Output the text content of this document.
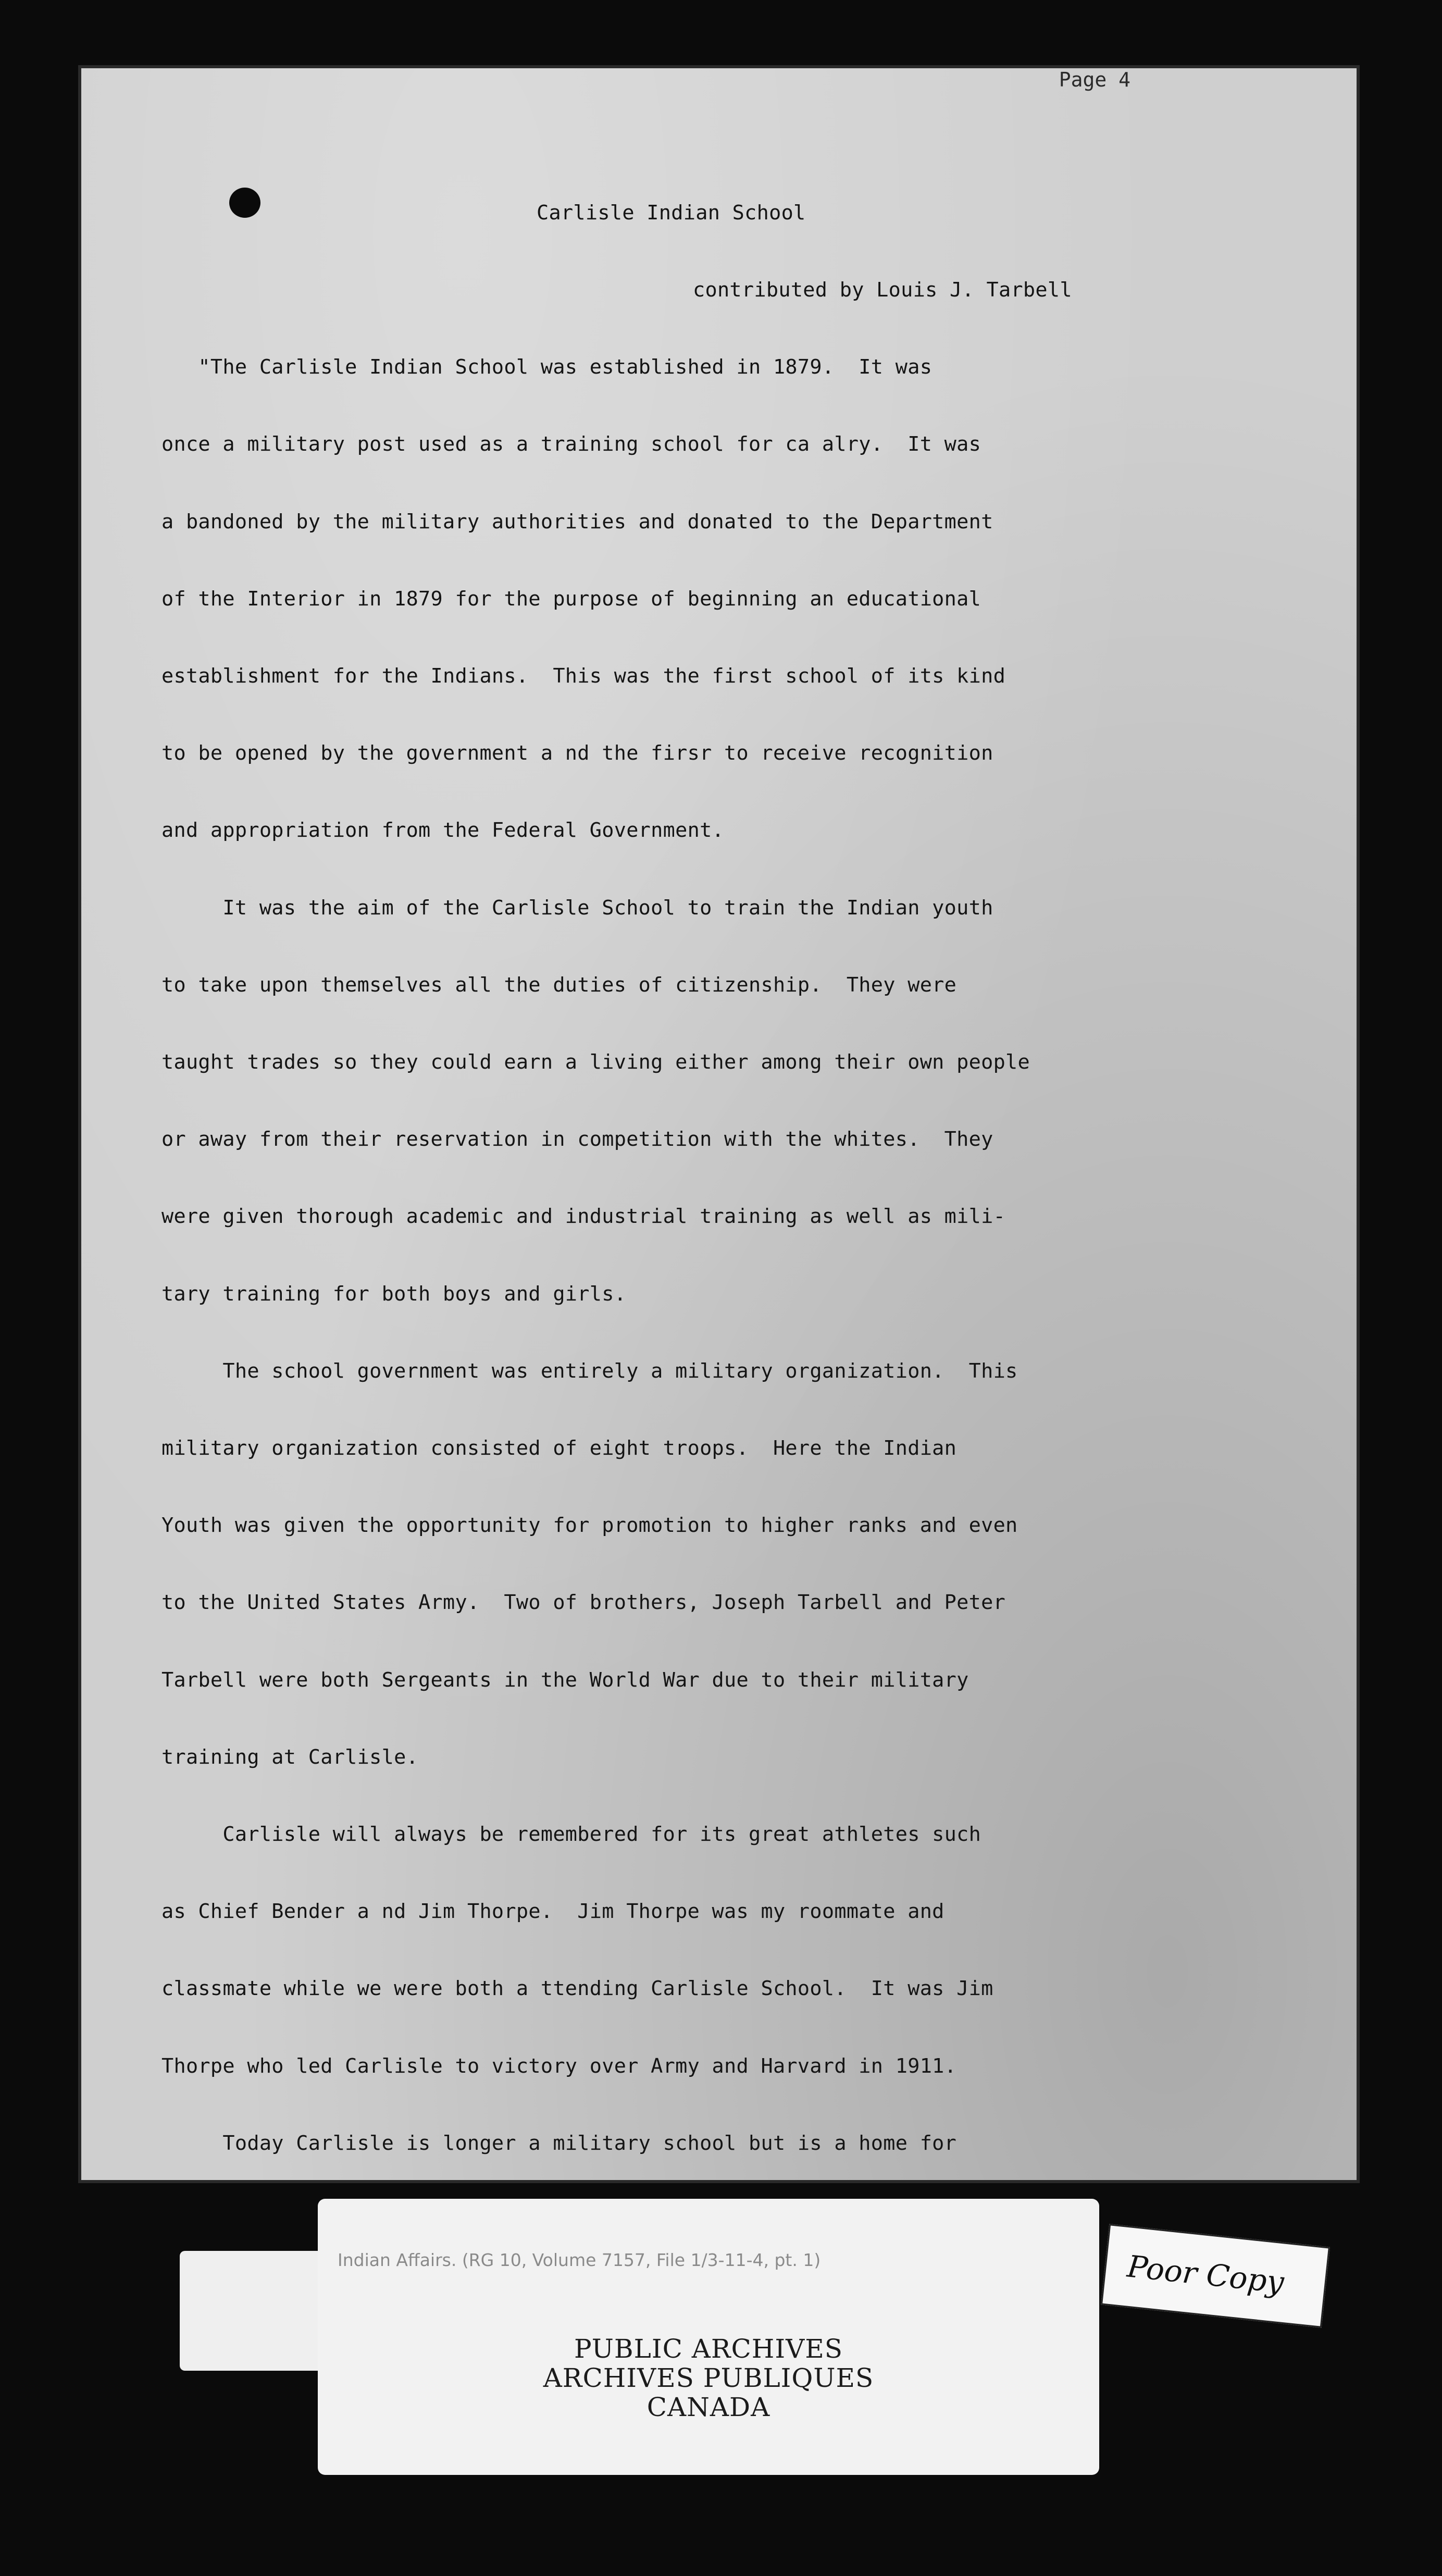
Page 4

Carlisle Indian School

contributed by Louis J. Tarbell

"The Carlisle Indian School was established in 1879.  It was

once a military post used as a training school for ca alry.  It was

a bandoned by the military authorities and donated to the Department

of the Interior in 1879 for the purpose of beginning an educational

establishment for the Indians.  This was the first school of its kind

to be opened by the government a nd the firsr to receive recognition

and appropriation from the Federal Government.

It was the aim of the Carlisle School to train the Indian youth

to take upon themselves all the duties of citizenship.  They were

taught trades so they could earn a living either among their own people

or away from their reservation in competition with the whites.  They

were given thorough academic and industrial training as well as mili-

tary training for both boys and girls.

The school government was entirely a military organization.  This

military organization consisted of eight troops.  Here the Indian

Youth was given the opportunity for promotion to higher ranks and even

to the United States Army.  Two of brothers, Joseph Tarbell and Peter

Tarbell were both Sergeants in the World War due to their military

training at Carlisle.

Carlisle will always be remembered for its great athletes such

as Chief Bender a nd Jim Thorpe.  Jim Thorpe was my roommate and

classmate while we were both a ttending Carlisle School.  It was Jim

Thorpe who led Carlisle to victory over Army and Harvard in 1911.

Today Carlisle is longer a military school but is a home for

Indian Affairs. (RG 10, Volume 7157, File 1/3-11-4, pt. 1)
PUBLIC ARCHIVES
ARCHIVES PUBLIQUES
CANADA
Poor Copy
